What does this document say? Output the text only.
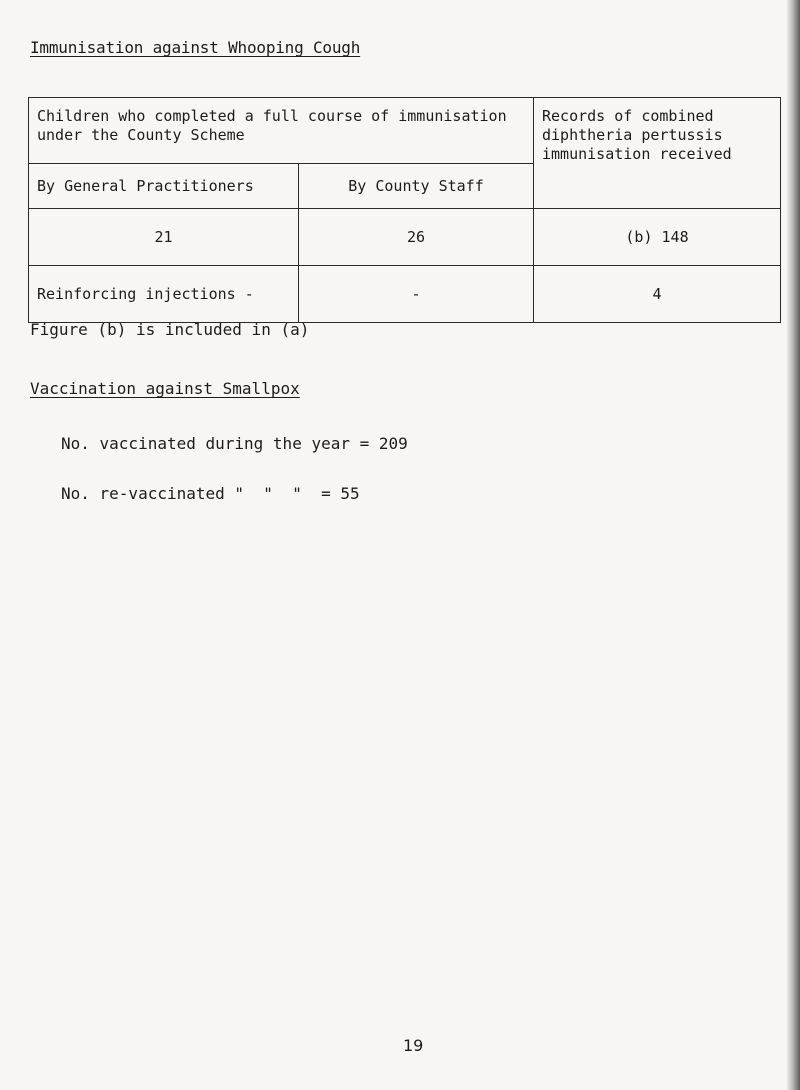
Immunisation against Whooping Cough
Children who completed a full course of immunisation under the County Scheme		Records of combined diphtheria pertussis immunisation received
By General Practitioners	By County Staff	
21	26	(b) 148
Reinforcing injections -	-	4
Figure (b) is included in (a)
Vaccination against Smallpox
No. vaccinated during the year = 209
No. re-vaccinated "  "  "  = 55
19
